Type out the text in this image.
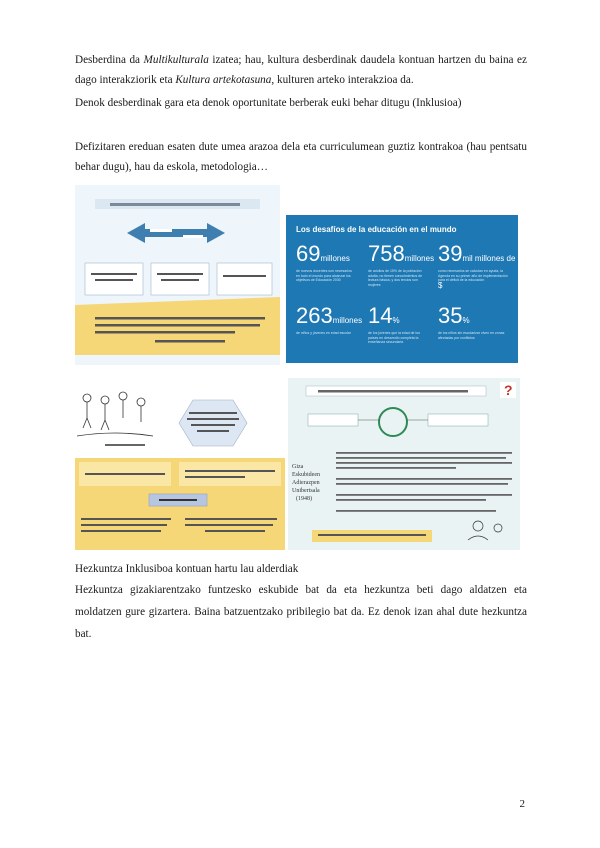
Desberdina da Multikulturala izatea; hau, kultura desberdinak daudela kontuan hartzen du baina ez dago interakziorik eta Kultura artekotasuna, kulturen arteko interakzioa da.
Denok desberdinak gara eta denok oportunitate berberak euki behar ditugu (Inklusioa)
Defizitaren ereduan esaten dute umea arazoa dela eta curriculumean guztiz kontrakoa (hau pentsatu behar dugu), hau da eskola, metodologia…
Los desafíos de la educación en el mundo
69millones
de nuevos docentes son necesarios en todo el mundo para alcanzar los objetivos de Educación 2030
758millones
de adultos de 15% de la población adulta, no tienen conocimientos de lectura básica, y dos tercios son mujeres
39mil millones de $
como necesarios se calculan en ayuda, la Agenda en su primer año de implementación para el déficit de la educación
263millones
de niños y jóvenes en edad escolar
14%
de los jóvenes que la edad de los países en desarrollo completa la enseñanza secundaria
35%
de los niños sin escolarizar viven en zonas afectadas por conflictos
?
Giza
Eskubideen
Adierazpen
Unibertsala
(1948)
Hezkuntza Inklusiboa kontuan hartu lau alderdiak
Hezkuntza gizakiarentzako funtzesko eskubide bat da eta hezkuntza beti dago aldatzen eta moldatzen gure gizartera. Baina batzuentzako pribilegio bat da. Ez denok izan ahal dute hezkuntza bat.
2
